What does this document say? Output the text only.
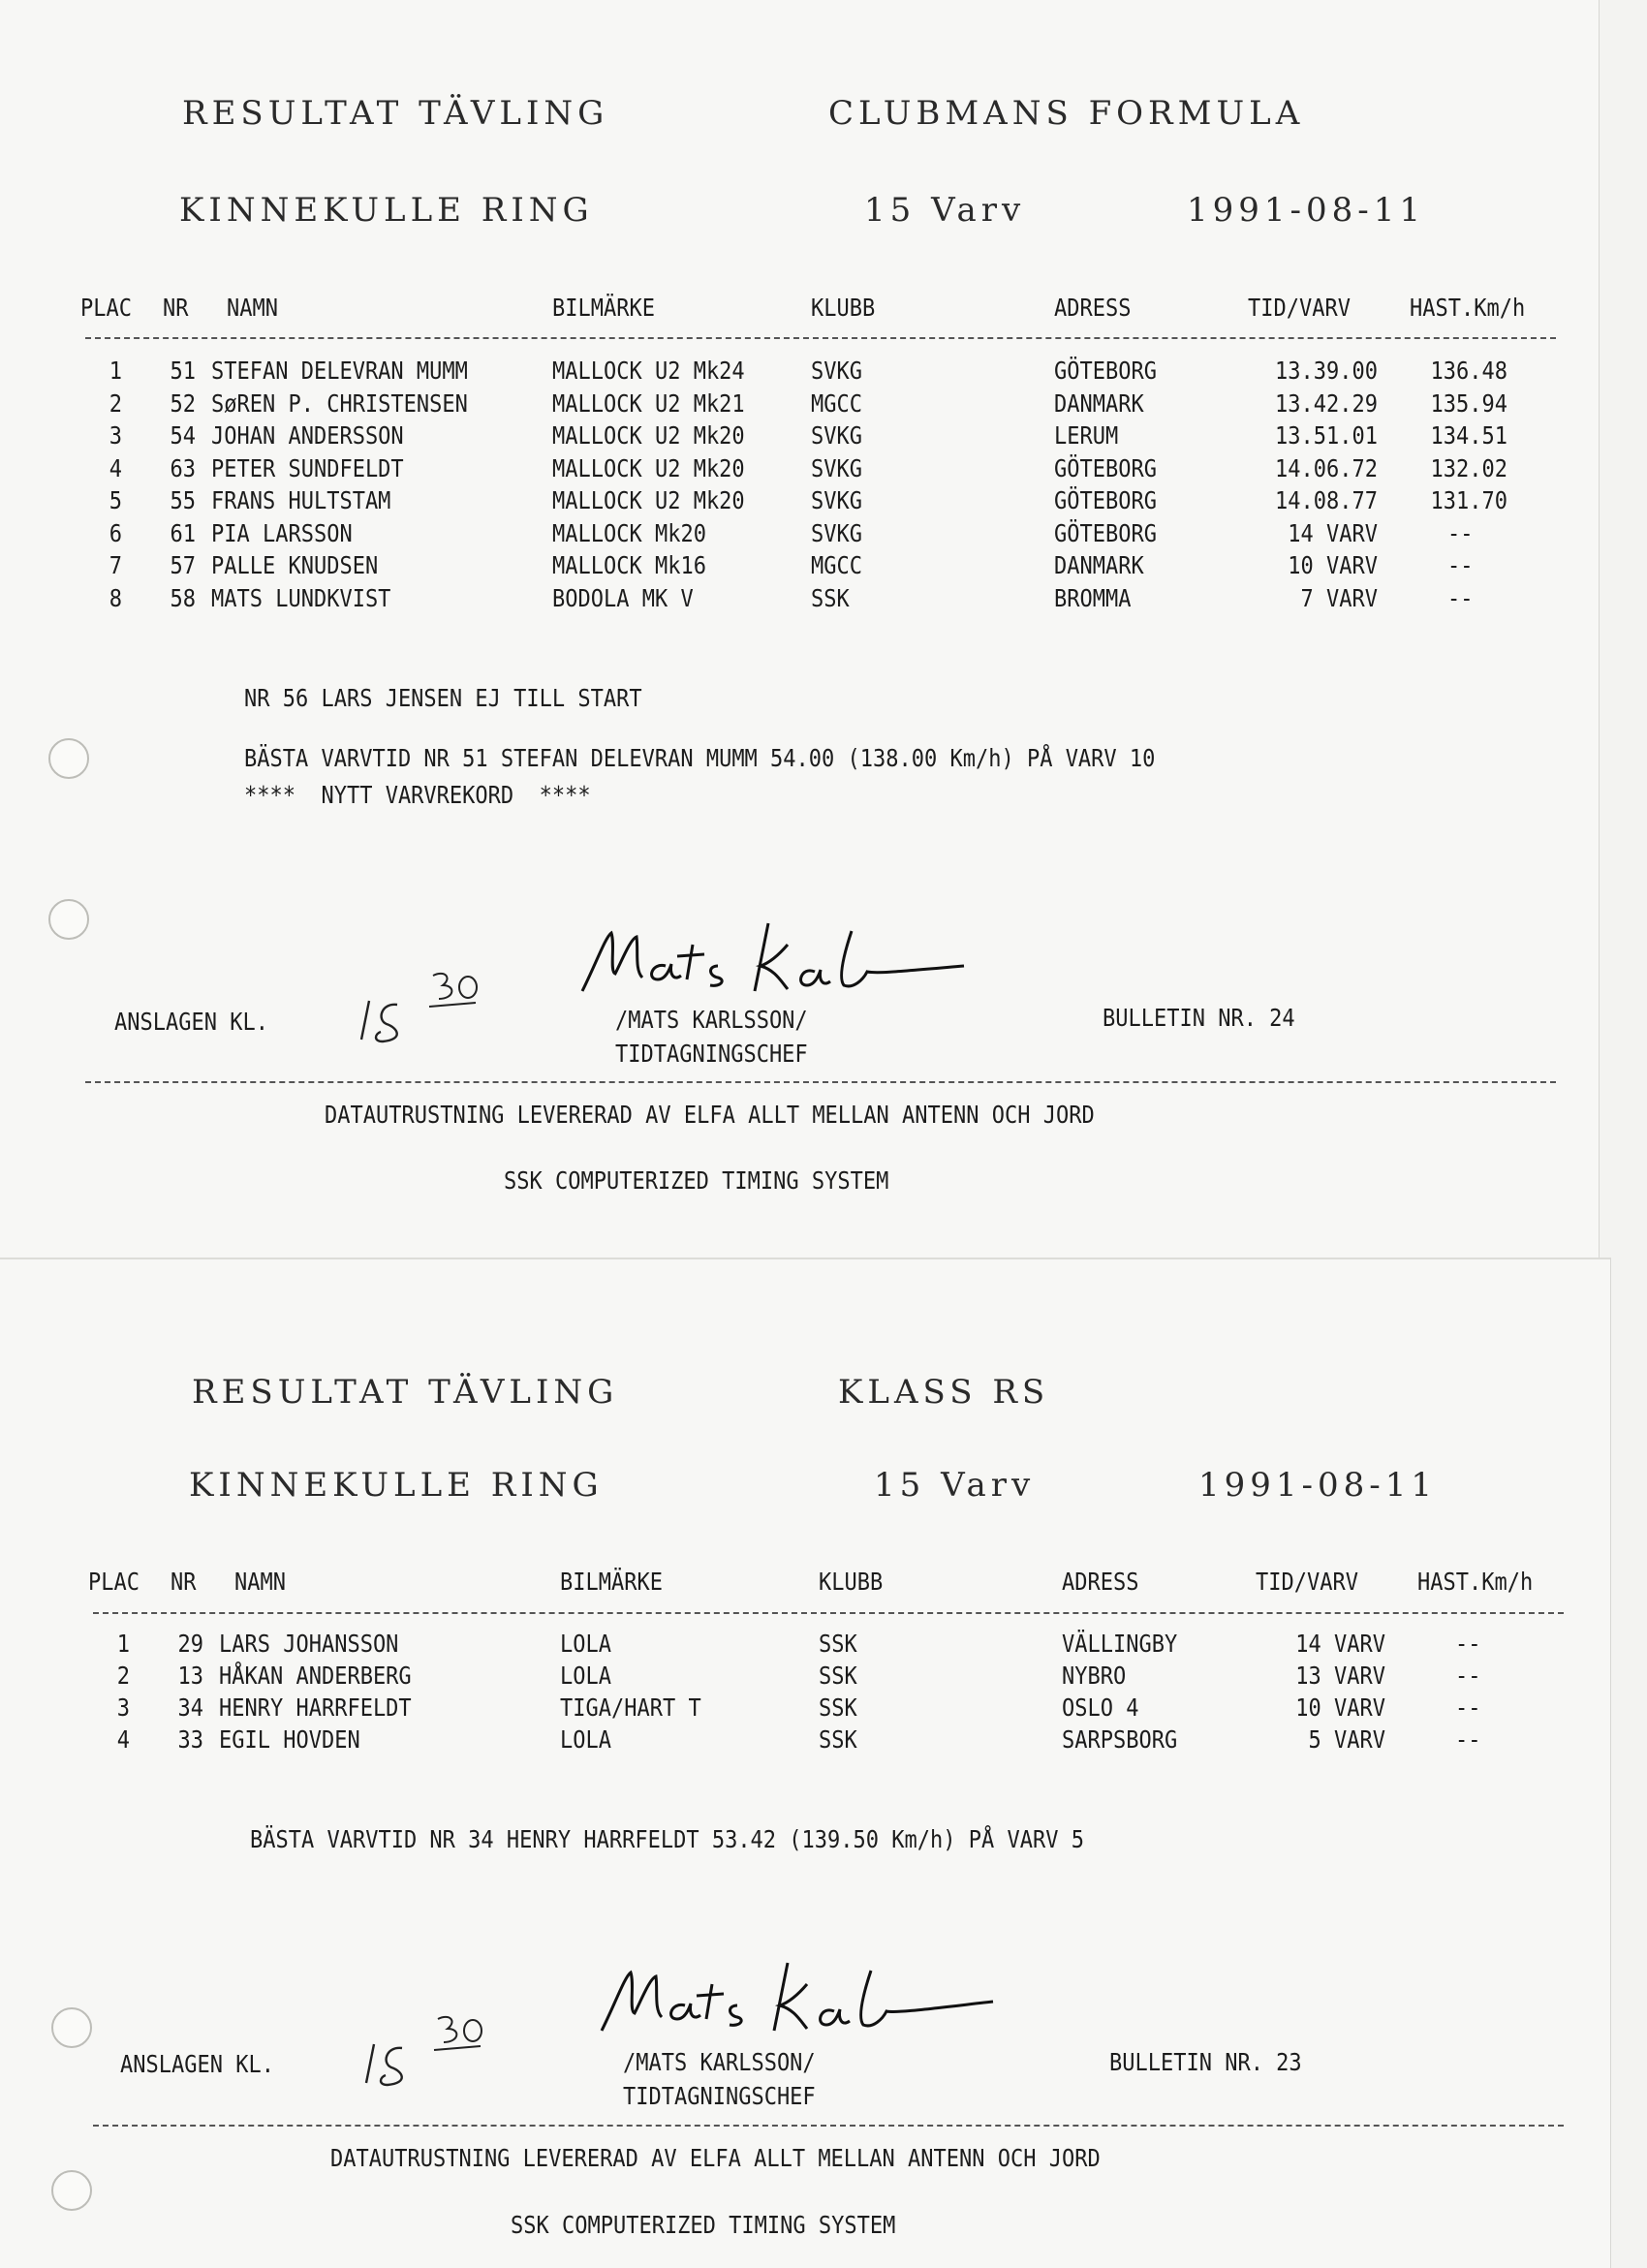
RESULTAT TÄVLING	CLUBMANS FORMULA
KINNEKULLE RING	15 Varv	1991-08-11
PLAC NR NAMN	BILMÄRKE	KLUBB	ADRESS	TID/VARV HAST.Km/h
1 51 STEFAN DELEVRAN MUMM	MALLOCK U2 Mk24	SVKG	GÖTEBORG	13.39.00 136.48
2 52 SøREN P. CHRISTENSEN	MALLOCK U2 Mk21	MGCC	DANMARK	13.42.29 135.94
3 54 JOHAN ANDERSSON	MALLOCK U2 Mk20	SVKG	LERUM	13.51.01 134.51
4 63 PETER SUNDFELDT	MALLOCK U2 Mk20	SVKG	GÖTEBORG	14.06.72 132.02
5 55 FRANS HULTSTAM	MALLOCK U2 Mk20	SVKG	GÖTEBORG	14.08.77 131.70
6 61 PIA LARSSON	MALLOCK Mk20	SVKG	GÖTEBORG	14 VARV	--
7 57 PALLE KNUDSEN	MALLOCK Mk16	MGCC	DANMARK	10 VARV	--
8 58 MATS LUNDKVIST	BODOLA MK V	SSK	BROMMA	7 VARV	--
NR 56 LARS JENSEN EJ TILL START
BÄSTA VARVTID NR 51 STEFAN DELEVRAN MUMM 54.00 (138.00 Km/h) PÅ VARV 10
****  NYTT VARVREKORD  ****
ANSLAGEN KL.	/MATS KARLSSON/
TIDTAGNINGSCHEF
BULLETIN NR. 24
DATAUTRUSTNING LEVERERAD AV ELFA ALLT MELLAN ANTENN OCH JORD
SSK COMPUTERIZED TIMING SYSTEM
RESULTAT TÄVLING	KLASS RS
KINNEKULLE RING	15 Varv	1991-08-11
PLAC NR NAMN	BILMÄRKE	KLUBB	ADRESS	TID/VARV HAST.Km/h
1 29 LARS JOHANSSON	LOLA	SSK	VÄLLINGBY	14 VARV	--
2 13 HÅKAN ANDERBERG	LOLA	SSK	NYBRO	13 VARV	--
3 34 HENRY HARRFELDT	TIGA/HART T	SSK	OSLO 4	10 VARV	--
4 33 EGIL HOVDEN	LOLA	SSK	SARPSBORG	5 VARV	--
BÄSTA VARVTID NR 34 HENRY HARRFELDT 53.42 (139.50 Km/h) PÅ VARV 5
ANSLAGEN KL.	/MATS KARLSSON/
TIDTAGNINGSCHEF
BULLETIN NR. 23
DATAUTRUSTNING LEVERERAD AV ELFA ALLT MELLAN ANTENN OCH JORD
SSK COMPUTERIZED TIMING SYSTEM
